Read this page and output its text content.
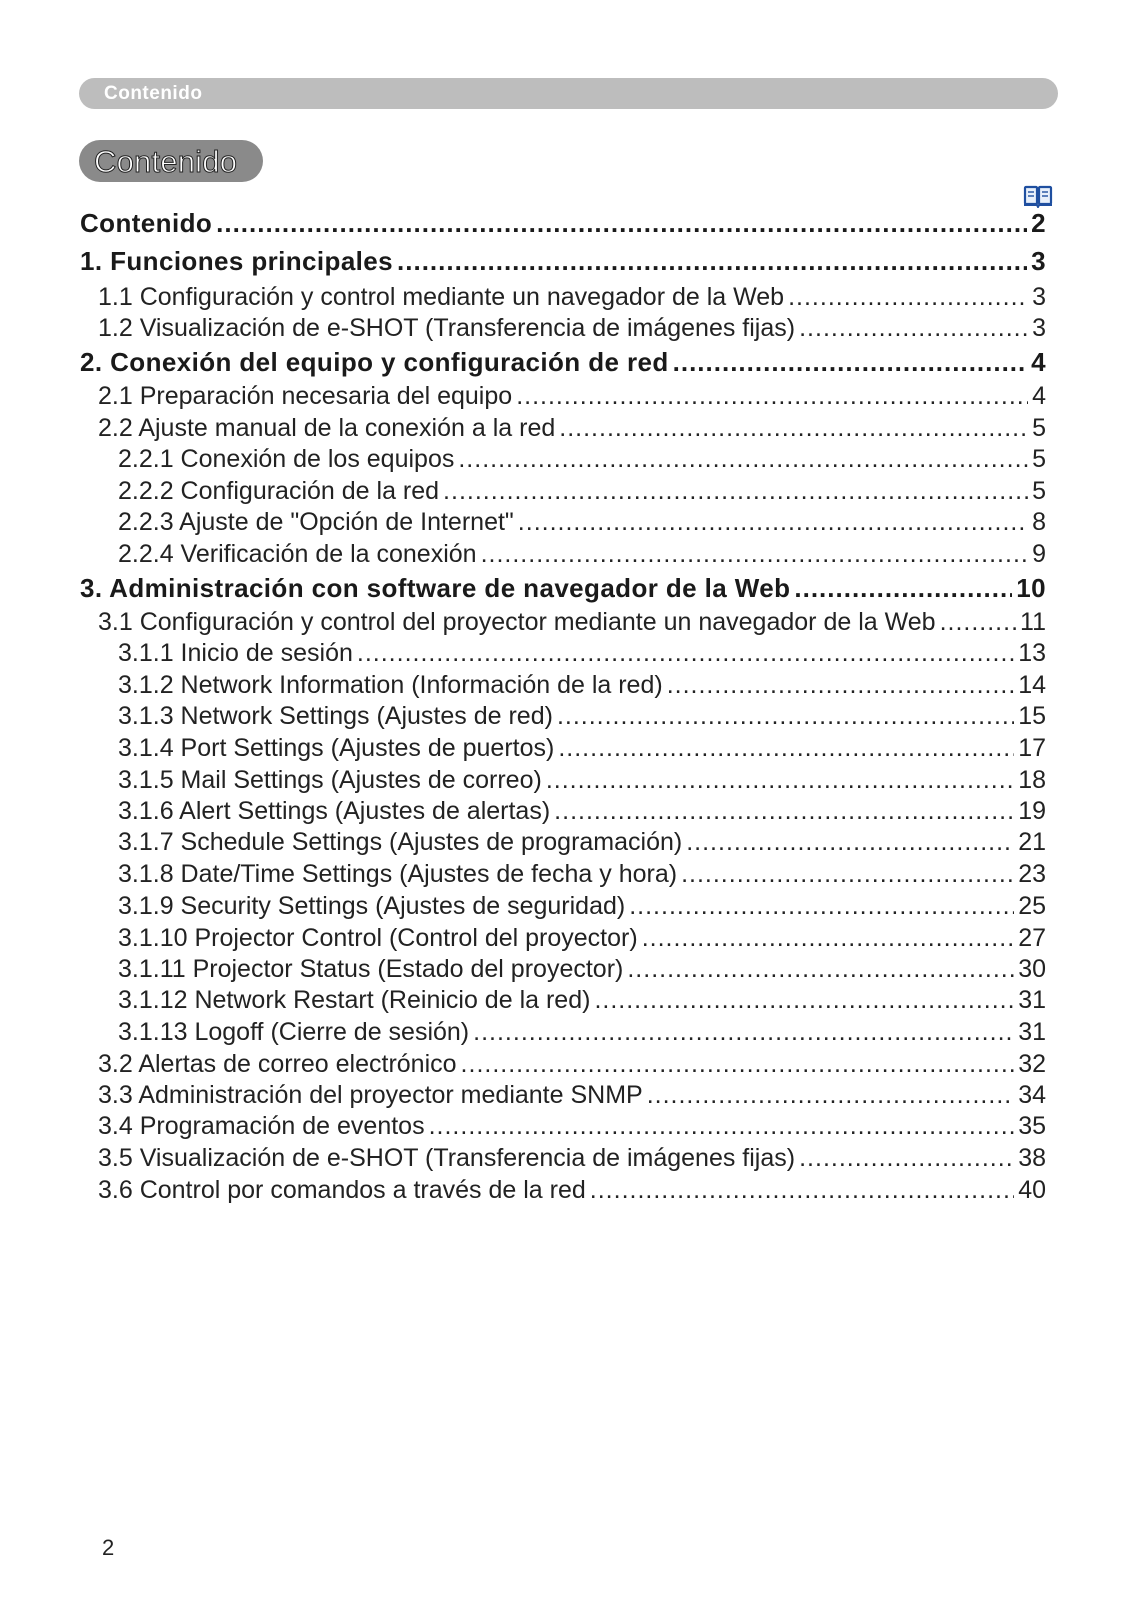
Contenido
Contenido
Contenido .....	2
1. Funciones principales .....	3
1.1 Configuración y control mediante un navegador de la Web .....	3
1.2 Visualización de e-SHOT (Transferencia de imágenes fijas) .....	3
2. Conexión del equipo y configuración de red .....	4
2.1 Preparación necesaria del equipo .....	4
2.2 Ajuste manual de la conexión a la red .....	5
2.2.1 Conexión de los equipos .....	5
2.2.2 Configuración de la red .....	5
2.2.3 Ajuste de "Opción de Internet" .....	8
2.2.4 Verificación de la conexión .....	9
3. Administración con software de navegador de la Web .....	10
3.1 Configuración y control del proyector mediante un navegador de la Web .....	11
3.1.1 Inicio de sesión .....	13
3.1.2 Network Information (Información de la red) .....	14
3.1.3 Network Settings (Ajustes de red) .....	15
3.1.4 Port Settings (Ajustes de puertos) .....	17
3.1.5 Mail Settings (Ajustes de correo) .....	18
3.1.6 Alert Settings (Ajustes de alertas) .....	19
3.1.7 Schedule Settings (Ajustes de programación) .....	21
3.1.8 Date/Time Settings (Ajustes de fecha y hora) .....	23
3.1.9 Security Settings (Ajustes de seguridad) .....	25
3.1.10 Projector Control (Control del proyector) .....	27
3.1.11 Projector Status (Estado del proyector) .....	30
3.1.12 Network Restart (Reinicio de la red) .....	31
3.1.13 Logoff (Cierre de sesión) .....	31
3.2 Alertas de correo electrónico .....	32
3.3 Administración del proyector mediante SNMP .....	34
3.4 Programación de eventos .....	35
3.5 Visualización de e-SHOT (Transferencia de imágenes fijas) .....	38
3.6 Control por comandos a través de la red .....	40
2
